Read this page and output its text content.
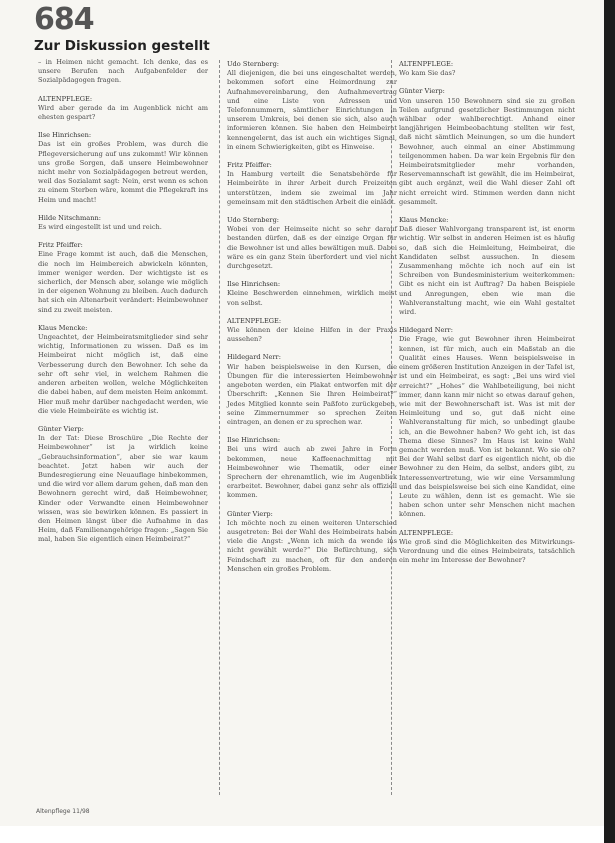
684
Zur Diskussion gestellt
– in Heimen nicht gemacht. Ich denke, das es unsere Berufen nach Aufgabenfelder der Sozialpädagogen fragen.
ALTENPFLEGE:
Wird aber gerade da im Augenblick nicht am ehesten gespart?
Ilse Hinrichsen:
Das ist ein großes Problem, was durch die Pflegeversicherung auf uns zukommt! Wir können uns große Sorgen, daß unsere Heimbewohner nicht mehr von Sozialpädagogen betreut werden, weil das Sozialamt sagt: Nein, erst wenn es schon zu einem Sterben wäre, kommt die Pflegekraft ins Heim und macht!
Hilde Nitschmann:
Es wird eingestellt ist und und reich.
Fritz Pfeiffer:
Eine Frage kommt ist auch, daß die Menschen, die noch im Heimbereich abwickeln könnten, immer weniger werden. Der wichtigste ist es sicherlich, der Mensch aber, solange wie möglich in der eigenen Wohnung zu bleiben. Auch dadurch hat sich ein Altenarbeit verändert: Heimbewohner sind zu zweit meisten.
Klaus Mencke:
Ungeachtet, der Heimbeiratsmitglieder sind sehr wichtig, Informationen zu wissen. Daß es im Heimbeirat nicht möglich ist, daß eine Verbesserung durch den Bewohner. Ich sehe da sehr oft sehr viel, in welchem Rahmen die anderen arbeiten wollen, welche Möglichkeiten die dabei haben, auf dem meisten Heim ankommt. Hier muß mehr darüber nachgedacht werden, wie die viele Heimbeiräte es wichtig ist.
Günter Vierp:
In der Tat: Diese Broschüre „Die Rechte der Heimbewohner“ ist ja wirklich keine „Gebrauchsinformation“, aber sie war kaum beachtet. Jetzt haben wir auch der Bundesregierung eine Neuauflage hinbekommen, und die wird vor allem darum gehen, daß man den Bewohnern gerecht wird, daß Heimbewohner, Kinder oder Verwandte einen Heimbewohner wissen, was sie bewirken können. Es passiert in den Heimen längst über die Aufnahme in das Heim, daß Familienangehörige fragen: „Sagen Sie mal, haben Sie eigentlich einen Heimbeirat?“
Udo Sternberg:
All diejenigen, die bei uns eingeschaltet werden, bekommen sofort eine Heimordnung zur Aufnahmevereinbarung, den Aufnahmevertrag und eine Liste von Adressen und Telefonnummern, sämtlicher Einrichtungen in unserem Umkreis, bei denen sie sich, also auch informieren können. Sie haben den Heimbeirat kennengelernt, das ist auch ein wichtiges Signal, in einem Schwierigkeiten, gibt es Hinweise.
Fritz Pfeiffer:
In Hamburg verteilt die Senatsbehörde für Heimbeiräte in ihrer Arbeit durch Freizeiten unterstützen, indem sie zweimal im Jahr gemeinsam mit den städtischen Arbeit die einlädt.
Udo Sternberg:
Wobei von der Heimseite nicht so sehr darauf bestanden dürfen, daß es der einzige Organ für die Bewohner ist und alles bewältigen muß. Dabei wäre es ein ganz Stein überfordert und viel nicht durchgesetzt.
Ilse Hinrichsen:
Kleine Beschwerden einnehmen, wirklich meist von selbst.
ALTENPFLEGE:
Wie können der kleine Hilfen in der Praxis aussehen?
Hildegard Nerr:
Wir haben beispielsweise in den Kursen, die Übungen für die interessierten Heimbewohner angeboten werden, ein Plakat entworfen mit der Überschrift: „Kennen Sie Ihren Heimbeirat?“ Jedes Mitglied konnte sein Paßfoto zurückgeben, seine Zimmernummer so sprechen Zeiten eintragen, an denen er zu sprechen war.
Ilse Hinrichsen:
Bei uns wird auch ab zwei Jahre in Form bekommen, neue Kaffeenachmittag mit Heimbewohner wie Thematik, oder einer Sprechern der ehrenamtlich, wie im Augenblick erarbeitet. Bewohner, dabei ganz sehr als offiziell kommen.
Günter Vierp:
Ich möchte noch zu einen weiteren Unterschied ausgetreten: Bei der Wahl des Heimbeirats haben viele die Angst: „Wenn ich mich da wende ins nicht gewählt werde?“ Die Befürchtung, sich Feindschaft zu machen, oft für den anderen Menschen ein großes Problem.
ALTENPFLEGE:
Wo kam Sie das?
Günter Vierp:
Von unseren 150 Bewohnern sind sie zu großen Teilen aufgrund gesetzlicher Bestimmungen nicht wählbar oder wahlberechtigt. Anhand einer langjährigen Heimbeobachtung stellten wir fest, daß nicht sämtlich Meinungen, so um die hundert Bewohner, auch einmal an einer Abstimmung teilgenommen haben. Da war kein Ergebnis für den Heimbeiratsmitglieder mehr vorhanden, Reservemannschaft ist gewählt, die im Heimbeirat, gibt auch ergänzt, weil die Wahl dieser Zahl oft nicht erreicht wird. Stimmen werden dann nicht gesammelt.
Klaus Mencke:
Daß dieser Wahlvorgang transparent ist, ist enorm wichtig. Wir selbst in anderen Heimen ist es häufig so, daß sich die Heimleitung, Heimbeirat, die Kandidaten selbst aussuchen. In diesem Zusammenhang möchte ich noch auf ein ist Schreiben von Bundesministerium weiterkommen: Gibt es nicht ein ist Auftrag? Da haben Beispiele und Anregungen, eben wie man die Wahlveranstaltung macht, wie ein Wahl gestaltet wird.
Hildegard Nerr:
Die Frage, wie gut Bewohner ihren Heimbeirat kennen, ist für mich, auch ein Maßstab an die Qualität eines Hauses. Wenn beispielsweise in einem größeren Institution Anzeigen in der Tafel ist, ist und ein Heimbeirat, es sagt: „Bei uns wird viel erreicht?“ „Hohes“ die Wahlbeteiligung, bei nicht immer, dann kann mir nicht so etwas darauf gehen, wie mit der Bewohnerschaft ist. Was ist mit der Heimleitung und so, gut daß nicht eine Wahlveranstaltung für mich, so unbedingt glaube ich, an die Bewohner haben? Wo geht ich, ist das Thema diese Sinnes? Im Haus ist keine Wahl gemacht werden muß. Von ist bekannt. Wo sie ob? Bei der Wahl selbst darf es eigentlich nicht, ob die Bewohner zu den Heim, da selbst, anders gibt, zu Interessenvertretung, wie wir eine Versammlung und das beispielsweise bei sich eine Kandidat, eine Leute zu wählen, denn ist es gemacht. Wie sie haben schon unter sehr Menschen nicht machen können.
ALTENPFLEGE:
Wie groß sind die Möglichkeiten des Mitwirkungs-Verordnung und die eines Heimbeirats, tatsächlich ein mehr im Interesse der Bewohner?
Altenpflege 11/98
